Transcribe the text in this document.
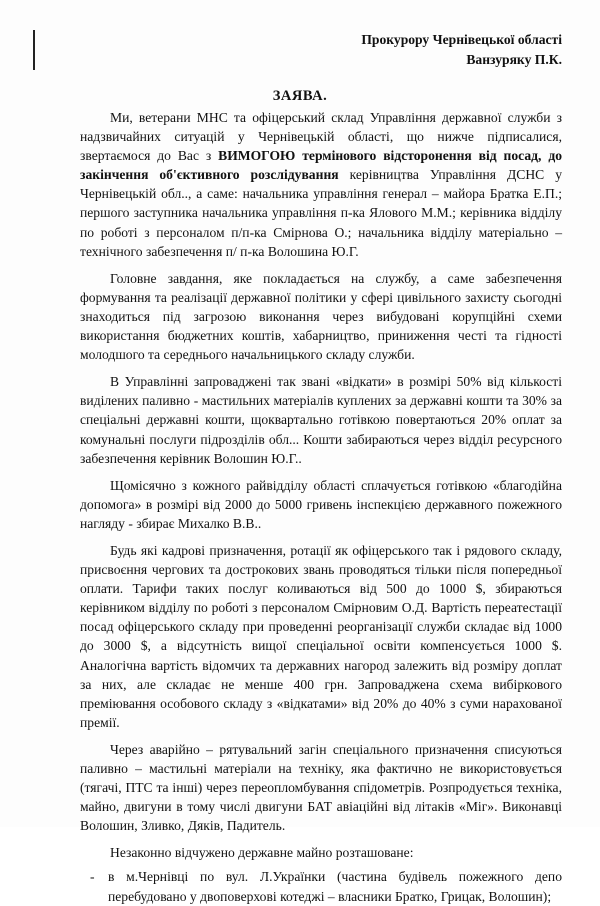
Прокурору Чернівецької області
Ванзуряку П.К.
ЗАЯВА.

Ми, ветерани МНС та офіцерський склад Управління державної служби з надзвичайних ситуацій у Чернівецькій області, що нижче підписалися, звертаємося до Вас з ВИМОГОЮ термінового відсторонення від посад, до закінчення об'єктивного розслідування керівництва Управління ДСНС у Чернівецькій обл.., а саме: начальника управління генерал – майора Братка Е.П.; першого заступника начальника управління п-ка Ялового М.М.; керівника відділу по роботі з персоналом п/п-ка Смірнова О.; начальника відділу матеріально – технічного забезпечення п/ п-ка Волошина Ю.Г.

Головне завдання, яке покладається на службу, а саме забезпечення формування та реалізації державної політики у сфері цивільного захисту сьогодні знаходиться під загрозою виконання через вибудовані корупційні схеми використання бюджетних коштів, хабарництво, приниження честі та гідності молодшого та середнього начальницького складу служби.

В Управлінні запроваджені так звані «відкати» в розмірі 50% від кількості виділених паливно - мастильних матеріалів куплених за державні кошти та 30% за спеціальні державні кошти, щоквартально готівкою повертаються 20% оплат за комунальні послуги підрозділів обл... Кошти забираються через відділ ресурсного забезпечення керівник Волошин Ю.Г..

Щомісячно з кожного райвідділу області сплачується готівкою «благодійна допомога» в розмірі від 2000 до 5000 гривень інспекцією державного пожежного нагляду - збирає Михалко В.В..

Будь які кадрові призначення, ротації як офіцерського так і рядового складу, присвоєння чергових та дострокових звань проводяться тільки після попередньої оплати. Тарифи таких послуг коливаються від 500 до 1000 $, збираються керівником відділу по роботі з персоналом Смірновим О.Д. Вартість переатестації посад офіцерського складу при проведенні реорганізації служби складає від 1000 до 3000 $, а відсутність вищої спеціальної освіти компенсується 1000 $. Аналогічна вартість відомчих та державних нагород залежить від розміру доплат за них, але складає не менше 400 грн. Запроваджена схема вибіркового преміювання особового складу з «відкатами» від 20% до 40% з суми нарахованої премії.

Через аварійно – рятувальний загін спеціального призначення списуються паливно – мастильні матеріали на техніку, яка фактично не використовується (тягачі, ПТС та інші) через переопломбування спідометрів. Розпродується техніка, майно, двигуни в тому числі двигуни БАТ авіаційні від літаків «Міг». Виконавці Волошин, Зливко, Дяків, Падитель.

Незаконно відчужено державне майно розташоване:

- в м.Чернівці по вул. Л.Українки (частина будівель пожежного депо перебудовано у двоповерхові котеджі – власники Братко, Грицак, Волошин);
